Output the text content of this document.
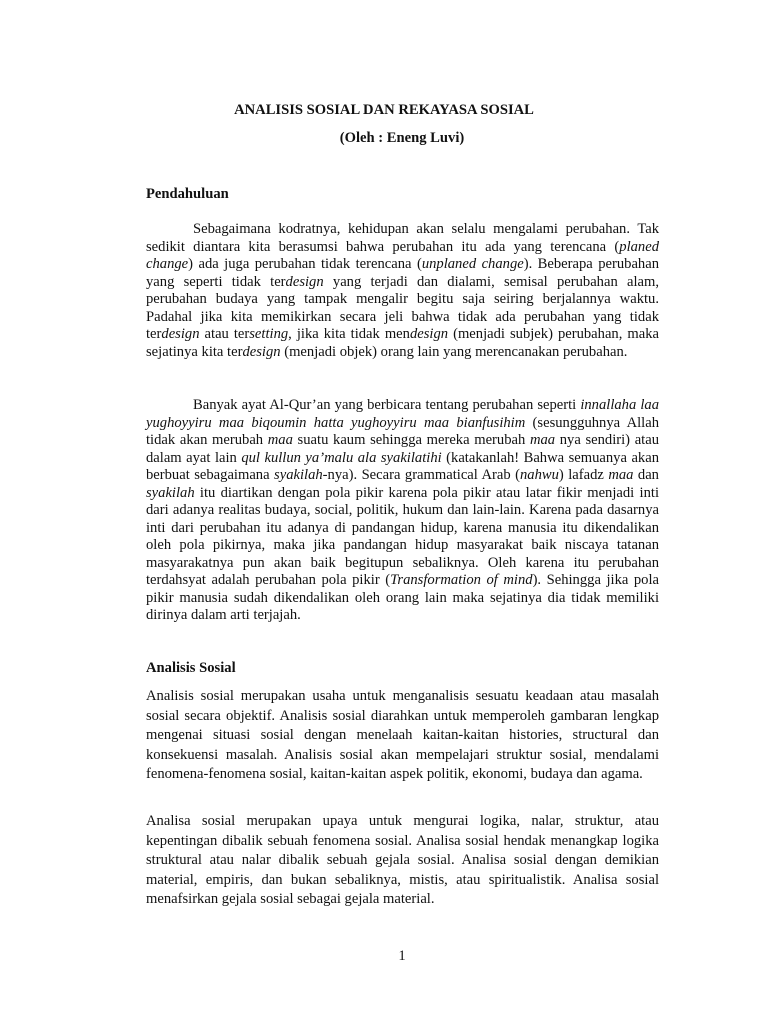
ANALISIS SOSIAL DAN REKAYASA SOSIAL
(Oleh : Eneng Luvi)
Pendahuluan
Sebagaimana kodratnya, kehidupan akan selalu mengalami perubahan. Tak sedikit diantara kita berasumsi bahwa perubahan itu ada yang terencana (planed change) ada juga perubahan tidak terencana (unplaned change). Beberapa perubahan yang seperti tidak terdesign yang terjadi dan dialami, semisal perubahan alam, perubahan budaya yang tampak mengalir begitu saja seiring berjalannya waktu. Padahal jika kita memikirkan secara jeli bahwa tidak ada perubahan yang tidak terdesign atau tersetting, jika kita tidak mendesign (menjadi subjek) perubahan, maka sejatinya kita terdesign (menjadi objek) orang lain yang merencanakan perubahan.
Banyak ayat Al-Qur’an yang berbicara tentang perubahan seperti innallaha laa yughoyyiru maa biqoumin hatta yughoyyiru maa bianfusihim (sesungguhnya Allah tidak akan merubah maa suatu kaum sehingga mereka merubah maa nya sendiri) atau dalam ayat lain qul kullun ya’malu ala syakilatihi (katakanlah! Bahwa semuanya akan berbuat sebagaimana syakilah-nya). Secara grammatical Arab (nahwu) lafadz maa dan syakilah itu diartikan dengan pola pikir karena pola pikir atau latar fikir menjadi inti dari adanya realitas budaya, social, politik, hukum dan lain-lain. Karena pada dasarnya inti dari perubahan itu adanya di pandangan hidup, karena manusia itu dikendalikan oleh pola pikirnya, maka jika pandangan hidup masyarakat baik niscaya tatanan masyarakatnya pun akan baik begitupun sebaliknya. Oleh karena itu perubahan terdahsyat adalah perubahan pola pikir (Transformation of mind). Sehingga jika pola pikir manusia sudah dikendalikan oleh orang lain maka sejatinya dia tidak memiliki dirinya dalam arti terjajah.
Analisis Sosial
Analisis sosial merupakan usaha untuk menganalisis sesuatu keadaan atau masalah sosial secara objektif. Analisis sosial diarahkan untuk memperoleh gambaran lengkap mengenai situasi sosial dengan menelaah kaitan-kaitan histories, structural dan konsekuensi masalah. Analisis sosial akan mempelajari struktur sosial, mendalami fenomena-fenomena sosial, kaitan-kaitan aspek politik, ekonomi, budaya dan agama.
Analisa sosial merupakan upaya untuk mengurai logika, nalar, struktur, atau kepentingan dibalik sebuah fenomena sosial. Analisa sosial hendak menangkap logika struktural atau nalar dibalik sebuah gejala sosial. Analisa sosial dengan demikian material, empiris, dan bukan sebaliknya, mistis, atau spiritualistik. Analisa sosial menafsirkan gejala sosial sebagai gejala material.
1
